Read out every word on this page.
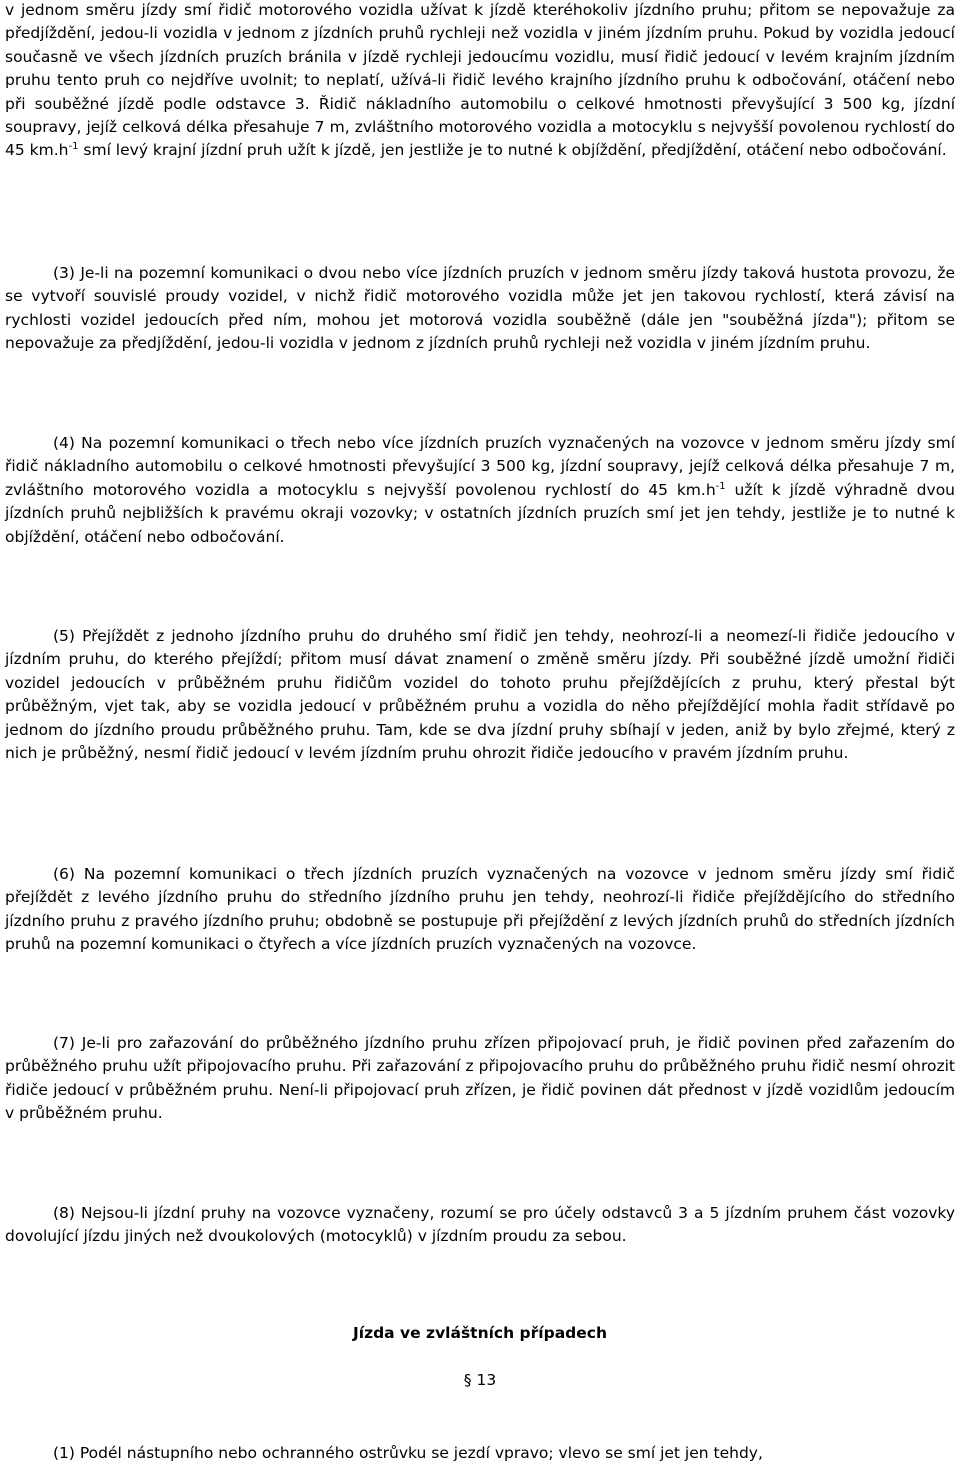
v jednom směru jízdy smí řidič motorového vozidla užívat k jízdě kteréhokoliv jízdního pruhu; přitom se nepovažuje za předjíždění, jedou-li vozidla v jednom z jízdních pruhů rychleji než vozidla v jiném jízdním pruhu. Pokud by vozidla jedoucí současně ve všech jízdních pruzích bránila v jízdě rychleji jedoucímu vozidlu, musí řidič jedoucí v levém krajním jízdním pruhu tento pruh co nejdříve uvolnit; to neplatí, užívá-li řidič levého krajního jízdního pruhu k odbočování, otáčení nebo při souběžné jízdě podle odstavce 3. Řidič nákladního automobilu o celkové hmotnosti převyšující 3 500 kg, jízdní soupravy, jejíž celková délka přesahuje 7 m, zvláštního motorového vozidla a motocyklu s nejvyšší povolenou rychlostí do 45 $km.h^{-1}$ smí levý krajní jízdní pruh užít k jízdě, jen jestliže je to nutné k objíždění, předjíždění, otáčení nebo odbočování.

(3) Je-li na pozemní komunikaci o dvou nebo více jízdních pruzích v jednom směru jízdy taková hustota provozu, že se vytvoří souvislé proudy vozidel, v nichž řidič motorového vozidla může jet jen takovou rychlostí, která závisí na rychlosti vozidel jedoucích před ním, mohou jet motorová vozidla souběžně (dále jen "souběžná jízda"); přitom se nepovažuje za předjíždění, jedou-li vozidla v jednom z jízdních pruhů rychleji než vozidla v jiném jízdním pruhu.

(4) Na pozemní komunikaci o třech nebo více jízdních pruzích vyznačených na vozovce v jednom směru jízdy smí řidič nákladního automobilu o celkové hmotnosti převyšující 3 500 kg, jízdní soupravy, jejíž celková délka přesahuje 7 m, zvláštního motorového vozidla a motocyklu s nejvyšší povolenou rychlostí do 45 $km.h^{-1}$ užít k jízdě výhradně dvou jízdních pruhů nejbližších k pravému okraji vozovky; v ostatních jízdních pruzích smí jet jen tehdy, jestliže je to nutné k objíždění, otáčení nebo odbočování.

(5) Přejíždět z jednoho jízdního pruhu do druhého smí řidič jen tehdy, neohrozí-li a neomezí-li řidiče jedoucího v jízdním pruhu, do kterého přejíždí; přitom musí dávat znamení o změně směru jízdy. Při souběžné jízdě umožní řidiči vozidel jedoucích v průběžném pruhu řidičům vozidel do tohoto pruhu přejíždějících z pruhu, který přestal být průběžným, vjet tak, aby se vozidla jedoucí v průběžném pruhu a vozidla do něho přejíždějící mohla řadit střídavě po jednom do jízdního proudu průběžného pruhu. Tam, kde se dva jízdní pruhy sbíhají v jeden, aniž by bylo zřejmé, který z nich je průběžný, nesmí řidič jedoucí v levém jízdním pruhu ohrozit řidiče jedoucího v pravém jízdním pruhu.

(6) Na pozemní komunikaci o třech jízdních pruzích vyznačených na vozovce v jednom směru jízdy smí řidič přejíždět z levého jízdního pruhu do středního jízdního pruhu jen tehdy, neohrozí-li řidiče přejíždějícího do středního jízdního pruhu z pravého jízdního pruhu; obdobně se postupuje při přejíždění z levých jízdních pruhů do středních jízdních pruhů na pozemní komunikaci o čtyřech a více jízdních pruzích vyznačených na vozovce.

(7) Je-li pro zařazování do průběžného jízdního pruhu zřízen připojovací pruh, je řidič povinen před zařazením do průběžného pruhu užít připojovacího pruhu. Při zařazování z připojovacího pruhu do průběžného pruhu řidič nesmí ohrozit řidiče jedoucí v průběžném pruhu. Není-li připojovací pruh zřízen, je řidič povinen dát přednost v jízdě vozidlům jedoucím v průběžném pruhu.

(8) Nejsou-li jízdní pruhy na vozovce vyznačeny, rozumí se pro účely odstavců 3 a 5 jízdním pruhem část vozovky dovolující jízdu jiných než dvoukolových (motocyklů) v jízdním proudu za sebou.

Jízda ve zvláštních případech

§ 13

(1) Podél nástupního nebo ochranného ostrůvku se jezdí vpravo; vlevo se smí jet jen tehdy,
